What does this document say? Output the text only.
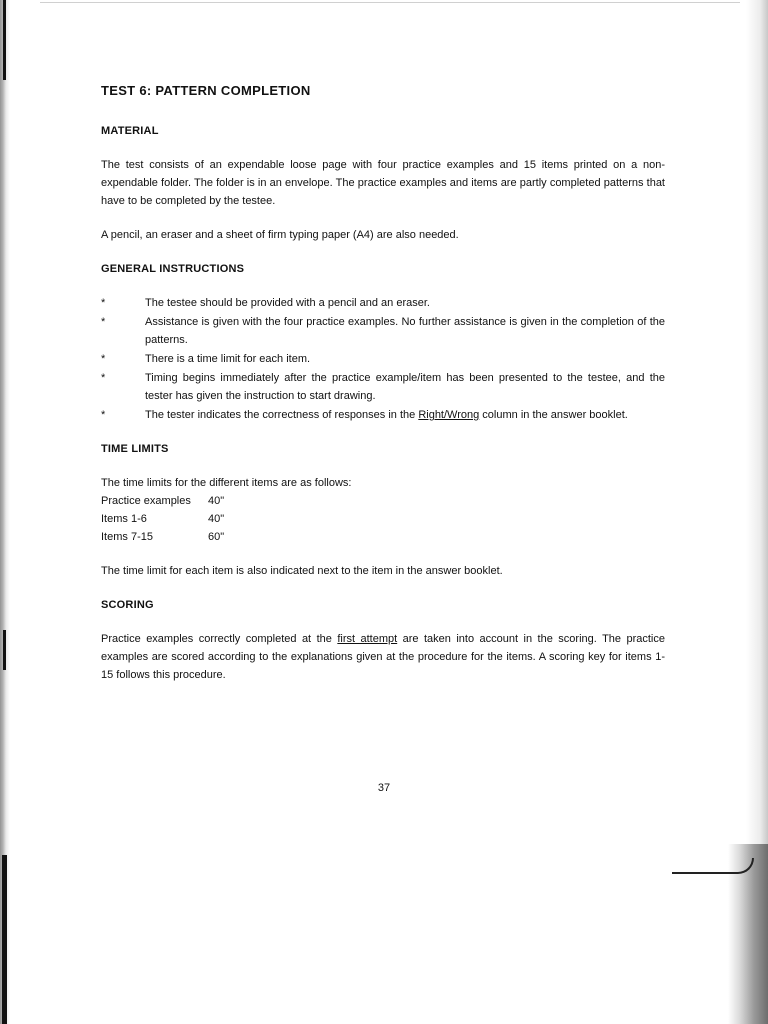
TEST 6: PATTERN COMPLETION
MATERIAL

The test consists of an expendable loose page with four practice examples and 15 items printed on a non-expendable folder. The folder is in an envelope. The practice examples and items are partly completed patterns that have to be completed by the testee.

A pencil, an eraser and a sheet of firm typing paper (A4) are also needed.

GENERAL INSTRUCTIONS
*	The testee should be provided with a pencil and an eraser.
*	Assistance is given with the four practice examples. No further assistance is given in the completion of the patterns.
*	There is a time limit for each item.
*	Timing begins immediately after the practice example/item has been presented to the testee, and the tester has given the instruction to start drawing.
*	The tester indicates the correctness of responses in the Right/Wrong column in the answer booklet.
TIME LIMITS
The time limits for the different items are as follows:
Practice examples	40"
Items 1-6	40"
Items 7-15	60"

The time limit for each item is also indicated next to the item in the answer booklet.

SCORING

Practice examples correctly completed at the first attempt are taken into account in the scoring. The practice examples are scored according to the explanations given at the procedure for the items. A scoring key for items 1-15 follows this procedure.

37
